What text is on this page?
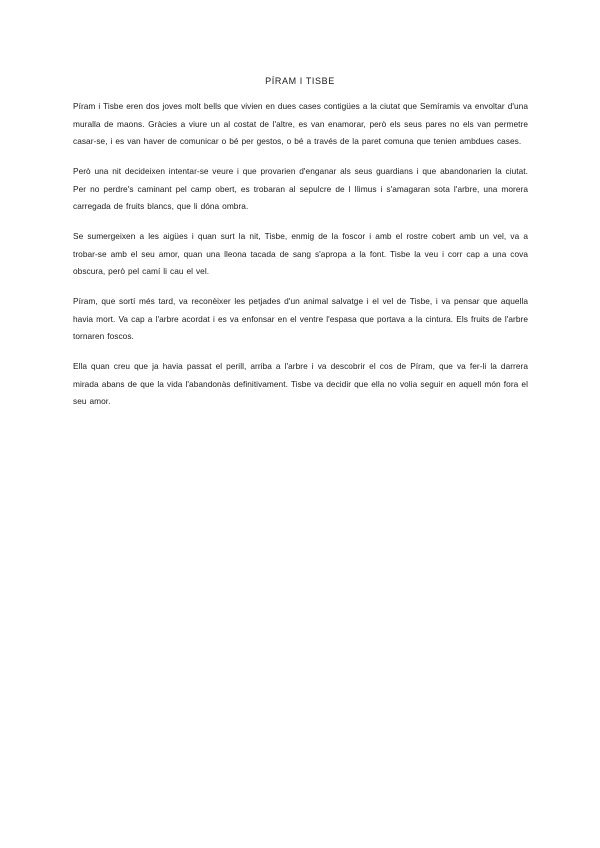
PÍRAM I TISBE

Píram i Tisbe eren dos joves molt bells que vivien en dues cases contigües a la ciutat que Semíramis va envoltar d'una muralla de maons. Gràcies a viure un al costat de l'altre, es van enamorar, però els seus pares no els van permetre casar-se, i es van haver de comunicar o bé per gestos, o bé a través de la paret comuna que tenien ambdues cases.

Però una nit decideixen intentar-se veure i que provarien d'enganar als seus guardians i que abandonarien la ciutat. Per no perdre's caminant pel camp obert, es trobaran al sepulcre de l Ilimus i s'amagaran sota l'arbre, una morera carregada de fruits blancs, que li dóna ombra.

Se sumergeixen a les aigües i quan surt la nit, Tisbe, enmig de la foscor i amb el rostre cobert amb un vel, va a trobar-se amb el seu amor, quan una lleona tacada de sang s'apropa a la font. Tisbe la veu i corr cap a una cova obscura, però pel camí li cau el vel.

Píram, que sortí més tard, va reconèixer les petjades d'un animal salvatge i el vel de Tisbe, i va pensar que aquella havia mort. Va cap a l'arbre acordat i es va enfonsar en el ventre l'espasa que portava a la cintura. Els fruits de l'arbre tornaren foscos.

Ella quan creu que ja havia passat el perill, arriba a l'arbre i va descobrir el cos de Píram, que va fer-li la darrera mirada abans de que la vida l'abandonàs definitivament. Tisbe va decidir que ella no volia seguir en aquell món fora el seu amor.
